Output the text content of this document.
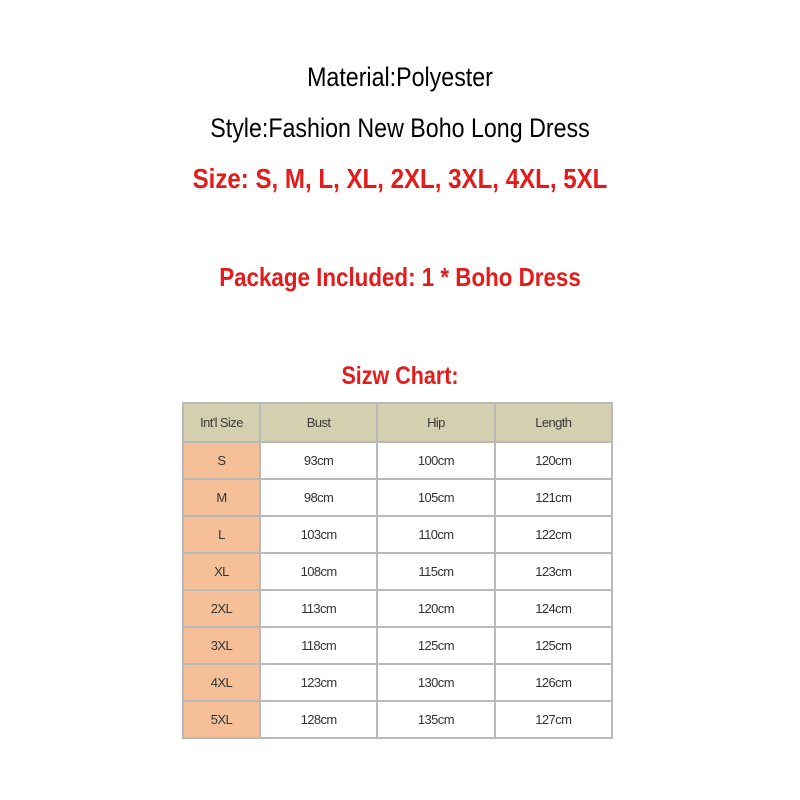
Material:Polyester
Style:Fashion New Boho Long Dress
Size: S, M, L, XL, 2XL, 3XL, 4XL, 5XL
Package Included: 1 * Boho Dress
Sizw Chart:
Int'l Size	Bust	Hip	Length
S	93cm	100cm	120cm
M	98cm	105cm	121cm
L	103cm	110cm	122cm
XL	108cm	115cm	123cm
2XL	113cm	120cm	124cm
3XL	118cm	125cm	125cm
4XL	123cm	130cm	126cm
5XL	128cm	135cm	127cm
